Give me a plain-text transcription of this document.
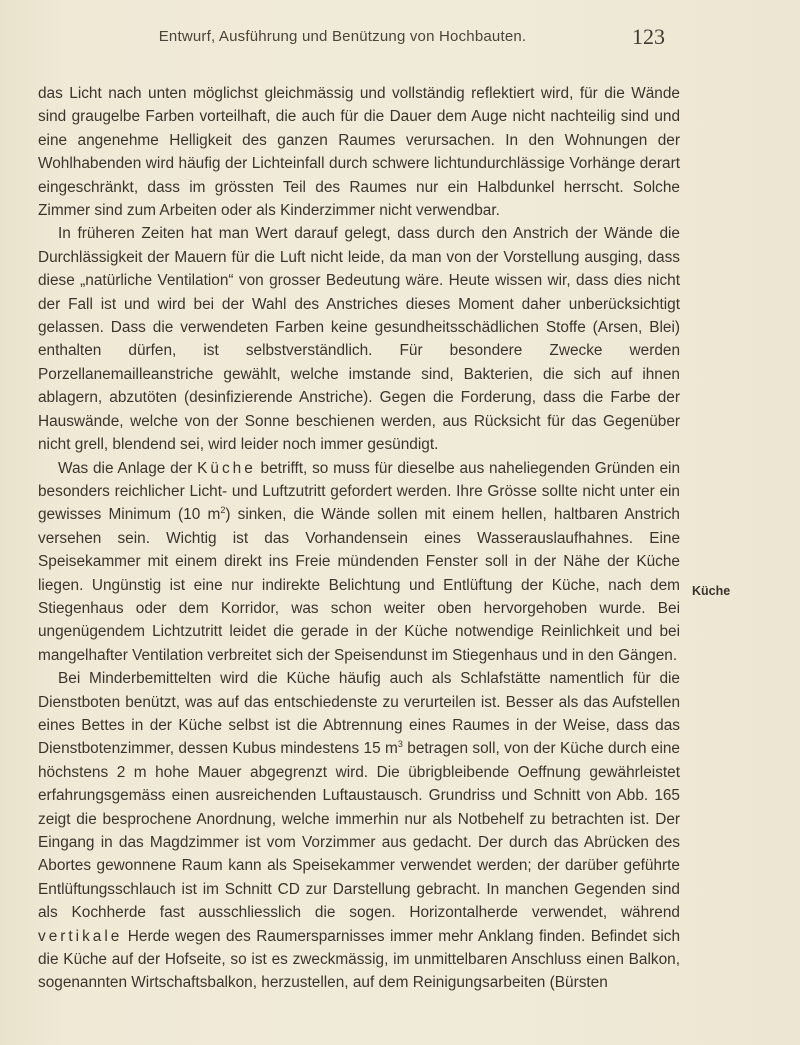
Entwurf, Ausführung und Benützung von Hochbauten.	123

das Licht nach unten möglichst gleichmässig und vollständig reflektiert wird, für die Wände sind graugelbe Farben vorteilhaft, die auch für die Dauer dem Auge nicht nachteilig sind und eine angenehme Helligkeit des ganzen Raumes verursachen. In den Wohnungen der Wohlhabenden wird häufig der Lichteinfall durch schwere lichtundurchlässige Vorhänge derart eingeschränkt, dass im grössten Teil des Raumes nur ein Halbdunkel herrscht. Solche Zimmer sind zum Arbeiten oder als Kinderzimmer nicht verwendbar.

In früheren Zeiten hat man Wert darauf gelegt, dass durch den Anstrich der Wände die Durchlässigkeit der Mauern für die Luft nicht leide, da man von der Vorstellung ausging, dass diese „natürliche Ventilation“ von grosser Bedeutung wäre. Heute wissen wir, dass dies nicht der Fall ist und wird bei der Wahl des Anstriches dieses Moment daher unberücksichtigt gelassen. Dass die verwendeten Farben keine gesundheitsschädlichen Stoffe (Arsen, Blei) enthalten dürfen, ist selbstverständlich. Für besondere Zwecke werden Porzellanemailleanstriche gewählt, welche imstande sind, Bakterien, die sich auf ihnen ablagern, abzutöten (desinfizierende Anstriche). Gegen die Forderung, dass die Farbe der Hauswände, welche von der Sonne beschienen werden, aus Rücksicht für das Gegenüber nicht grell, blendend sei, wird leider noch immer gesündigt.

Was die Anlage der Küche betrifft, so muss für dieselbe aus naheliegenden Gründen ein besonders reichlicher Licht- und Luftzutritt gefordert werden. Ihre Grösse sollte nicht unter ein gewisses Minimum (10 $m^2$) sinken, die Wände sollen mit einem hellen, haltbaren Anstrich versehen sein. Wichtig ist das Vorhandensein eines Wasserauslaufhahnes. Eine Speisekammer mit einem direkt ins Freie mündenden Fenster soll in der Nähe der Küche liegen. Ungünstig ist eine nur indirekte Belichtung und Entlüftung der Küche, nach dem Stiegenhaus oder dem Korridor, was schon weiter oben hervorgehoben wurde. Bei ungenügendem Lichtzutritt leidet die gerade in der Küche notwendige Reinlichkeit und bei mangelhafter Ventilation verbreitet sich der Speisendunst im Stiegenhaus und in den Gängen.

Bei Minderbemittelten wird die Küche häufig auch als Schlafstätte namentlich für die Dienstboten benützt, was auf das entschiedenste zu verurteilen ist. Besser als das Aufstellen eines Bettes in der Küche selbst ist die Abtrennung eines Raumes in der Weise, dass das Dienstbotenzimmer, dessen Kubus mindestens 15 $m^3$ betragen soll, von der Küche durch eine höchstens 2 m hohe Mauer abgegrenzt wird. Die übrigbleibende Oeffnung gewährleistet erfahrungsgemäss einen ausreichenden Luftaustausch. Grundriss und Schnitt von Abb. 165 zeigt die besprochene Anordnung, welche immerhin nur als Notbehelf zu betrachten ist. Der Eingang in das Magdzimmer ist vom Vorzimmer aus gedacht. Der durch das Abrücken des Abortes gewonnene Raum kann als Speisekammer verwendet werden; der darüber geführte Entlüftungsschlauch ist im Schnitt CD zur Darstellung gebracht. In manchen Gegenden sind als Kochherde fast ausschliesslich die sogen. Horizontalherde verwendet, während vertikale Herde wegen des Raumersparnisses immer mehr Anklang finden. Befindet sich die Küche auf der Hofseite, so ist es zweckmässig, im unmittelbaren Anschluss einen Balkon, sogenannten Wirtschaftsbalkon, herzustellen, auf dem Reinigungsarbeiten (Bürsten

Küche
